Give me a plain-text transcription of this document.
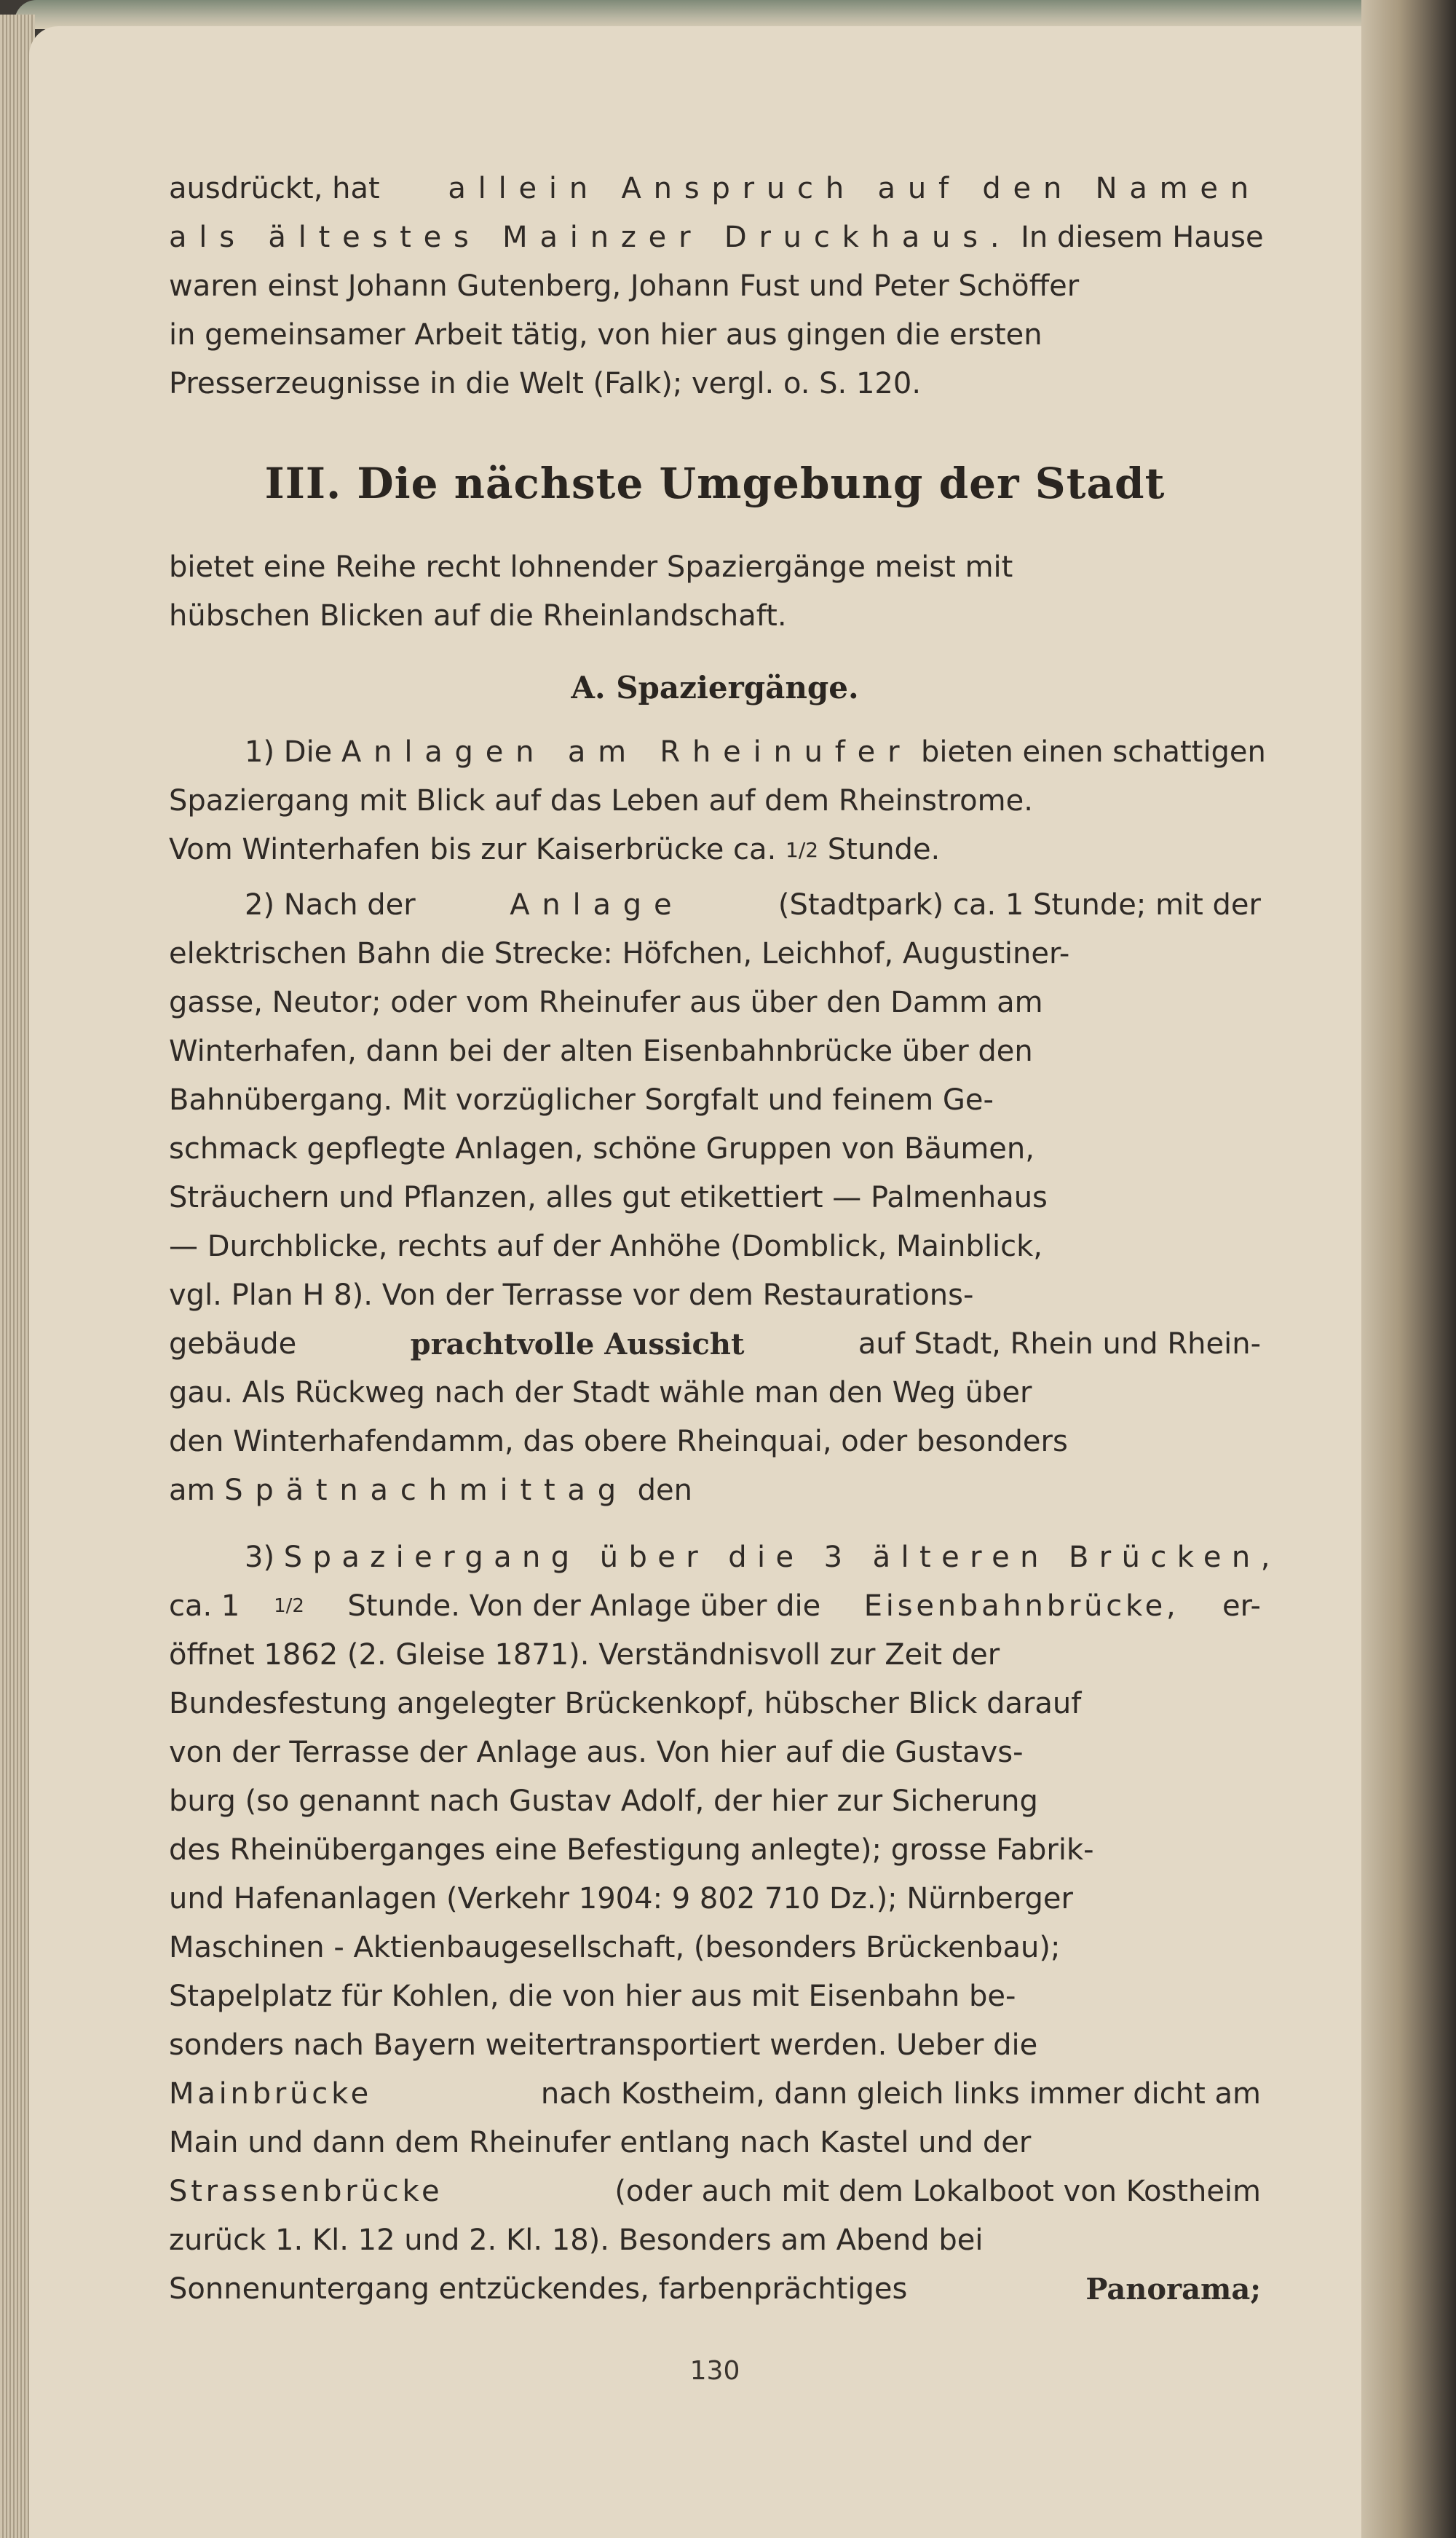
ausdrückt, hat allein Anspruch auf den Namen
als ältestes Mainzer Druckhaus. In diesem Hause
waren einst Johann Gutenberg, Johann Fust und Peter Schöffer
in gemeinsamer Arbeit tätig, von hier aus gingen die ersten
Presserzeugnisse in die Welt (Falk); vergl. o. S. 120.
III. Die nächste Umgebung der Stadt
bietet eine Reihe recht lohnender Spaziergänge meist mit
hübschen Blicken auf die Rheinlandschaft.
A. Spaziergänge.
1) Die Anlagen am Rheinufer bieten einen schattigen
Spaziergang mit Blick auf das Leben auf dem Rheinstrome.
Vom Winterhafen bis zur Kaiserbrücke ca. 1/2 Stunde.
2) Nach der	Anlage	(Stadtpark) ca. 1 Stunde; mit der
elektrischen Bahn die Strecke: Höfchen, Leichhof, Augustiner-
gasse, Neutor; oder vom Rheinufer aus über den Damm am
Winterhafen, dann bei der alten Eisenbahnbrücke über den
Bahnübergang. Mit vorzüglicher Sorgfalt und feinem Ge-
schmack gepflegte Anlagen, schöne Gruppen von Bäumen,
Sträuchern und Pflanzen, alles gut etikettiert — Palmenhaus
— Durchblicke, rechts auf der Anhöhe (Domblick, Mainblick,
vgl. Plan H 8). Von der Terrasse vor dem Restaurations-
gebäude	prachtvolle Aussicht	auf Stadt, Rhein und Rhein-
gau. Als Rückweg nach der Stadt wähle man den Weg über
den Winterhafendamm, das obere Rheinquai, oder besonders
am Spätnachmittag den
3) Spaziergang über die 3 älteren Brücken,
ca. 1 1/2 Stunde. Von der Anlage über die Eisenbahnbrücke, er-
öffnet 1862 (2. Gleise 1871). Verständnisvoll zur Zeit der
Bundesfestung angelegter Brückenkopf, hübscher Blick darauf
von der Terrasse der Anlage aus. Von hier auf die Gustavs-
burg (so genannt nach Gustav Adolf, der hier zur Sicherung
des Rheinüberganges eine Befestigung anlegte); grosse Fabrik-
und Hafenanlagen (Verkehr 1904: 9 802 710 Dz.); Nürnberger
Maschinen - Aktienbaugesellschaft, (besonders Brückenbau);
Stapelplatz für Kohlen, die von hier aus mit Eisenbahn be-
sonders nach Bayern weitertransportiert werden. Ueber die
Mainbrücke	nach Kostheim, dann gleich links immer dicht am
Main und dann dem Rheinufer entlang nach Kastel und der
Strassenbrücke	(oder auch mit dem Lokalboot von Kostheim
zurück 1. Kl. 12 und 2. Kl. 18). Besonders am Abend bei
Sonnenuntergang entzückendes, farbenprächtiges	Panorama;
130
